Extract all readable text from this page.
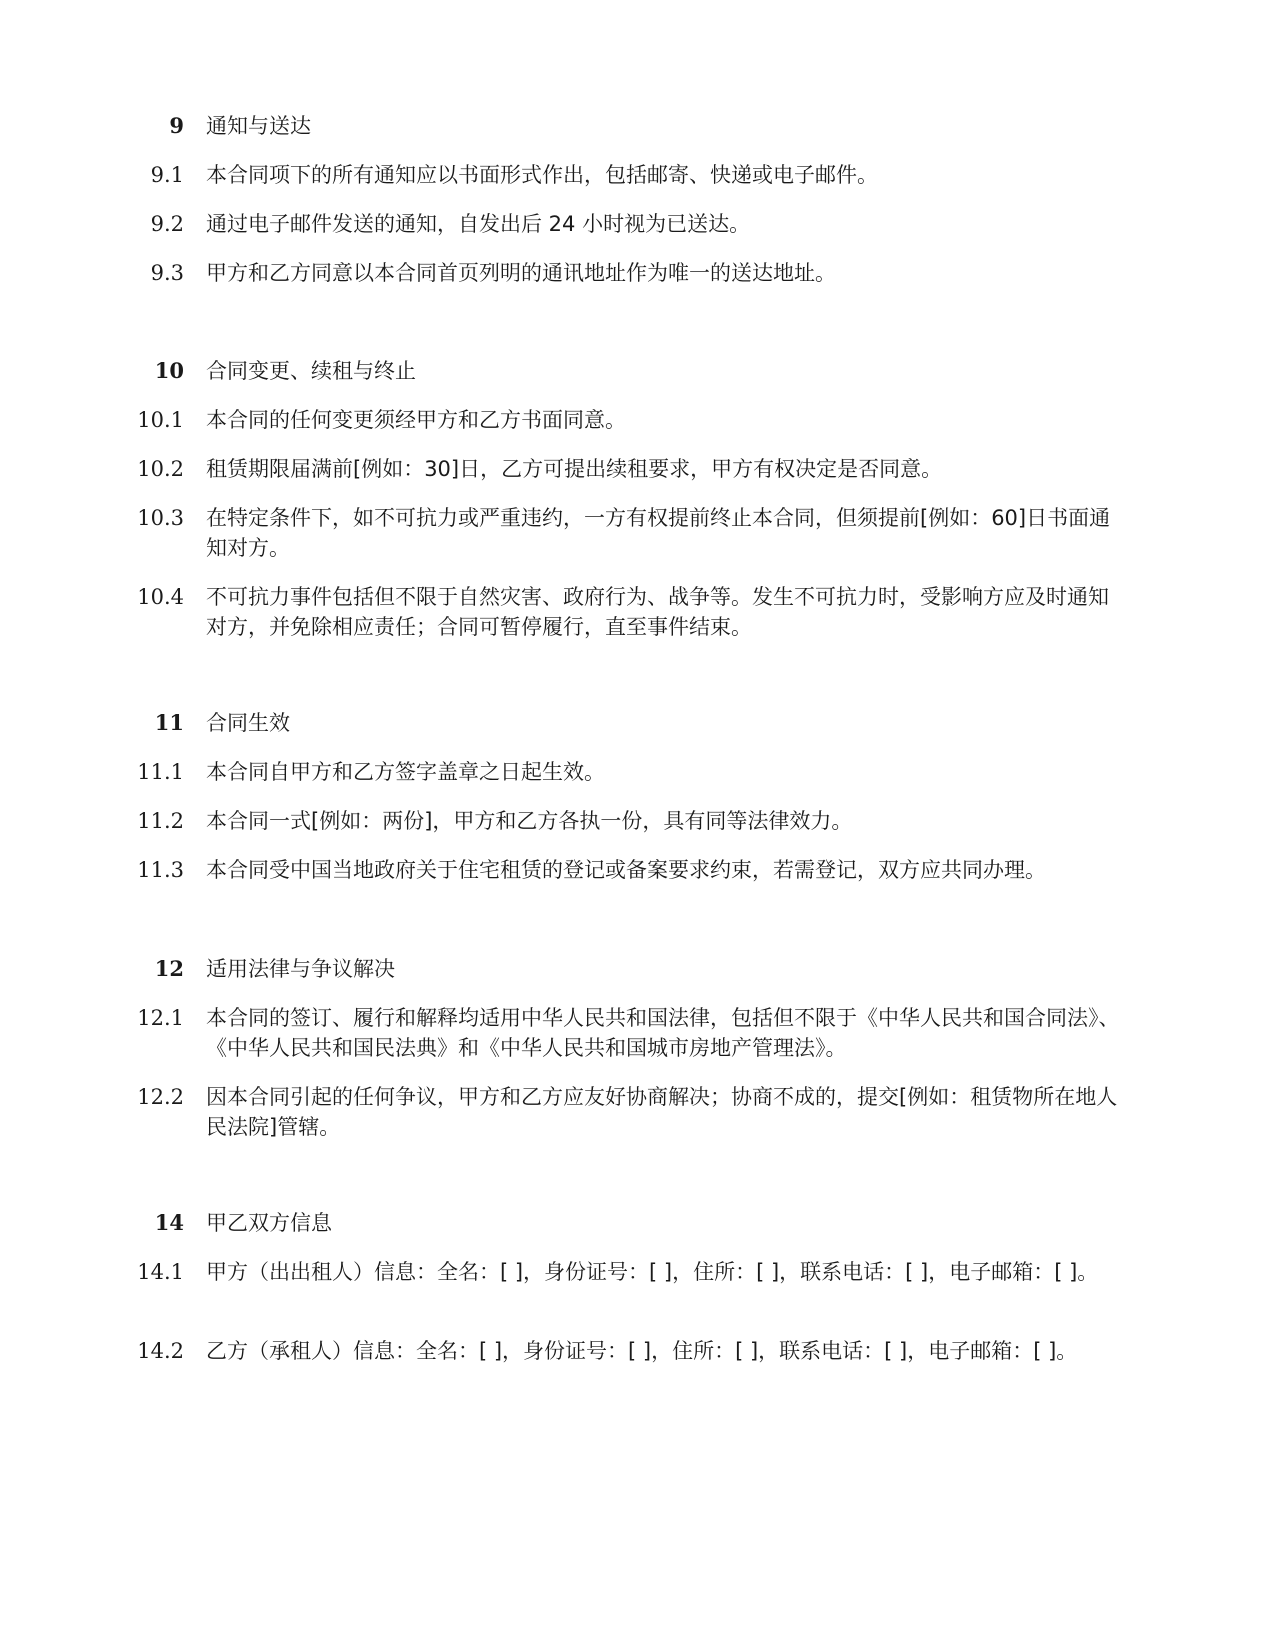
9 通知与送达
9.1 本合同项下的所有通知应以书面形式作出，包括邮寄、快递或电子邮件。
9.2 通过电子邮件发送的通知，自发出后 24 小时视为已送达。
9.3 甲方和乙方同意以本合同首页列明的通讯地址作为唯一的送达地址。
10 合同变更、续租与终止
10.1 本合同的任何变更须经甲方和乙方书面同意。
10.2 租赁期限届满前[例如：30]日，乙方可提出续租要求，甲方有权决定是否同意。
10.3 在特定条件下，如不可抗力或严重违约，一方有权提前终止本合同，但须提前[例如：60]日书面通知对方。
10.4 不可抗力事件包括但不限于自然灾害、政府行为、战争等。发生不可抗力时，受影响方应及时通知对方，并免除相应责任；合同可暂停履行，直至事件结束。
11 合同生效
11.1 本合同自甲方和乙方签字盖章之日起生效。
11.2 本合同一式[例如：两份]，甲方和乙方各执一份，具有同等法律效力。
11.3 本合同受中国当地政府关于住宅租赁的登记或备案要求约束，若需登记，双方应共同办理。
12 适用法律与争议解决
12.1 本合同的签订、履行和解释均适用中华人民共和国法律，包括但不限于《中华人民共和国合同法》、《中华人民共和国民法典》和《中华人民共和国城市房地产管理法》。
12.2 因本合同引起的任何争议，甲方和乙方应友好协商解决；协商不成的，提交[例如：租赁物所在地人民法院]管辖。
14 甲乙双方信息
14.1 甲方（出出租人）信息：全名：[ ]，身份证号：[ ]，住所：[ ]，联系电话：[ ]，电子邮箱：[ ]。
14.2 乙方（承租人）信息：全名：[ ]，身份证号：[ ]，住所：[ ]，联系电话：[ ]，电子邮箱：[ ]。
